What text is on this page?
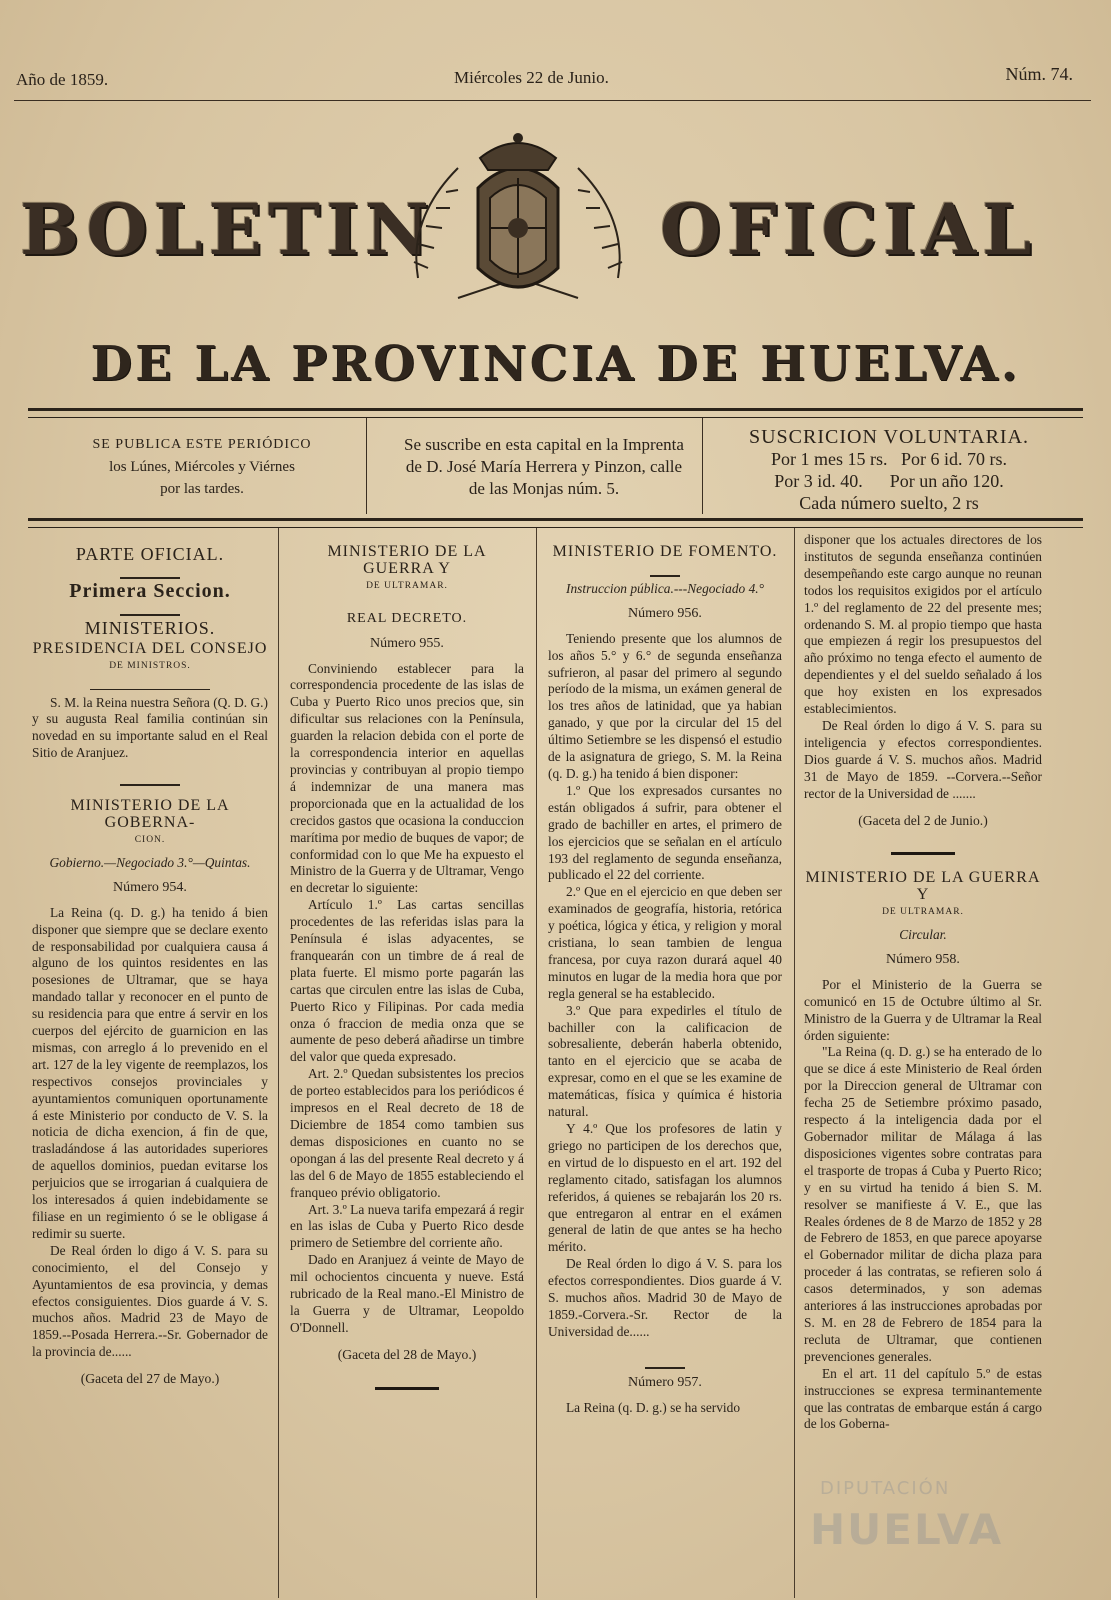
Año de 1859.	Miércoles 22 de Junio.	Núm. 74.
BOLETIN	OFICIAL
DE LA PROVINCIA DE HUELVA.
SE PUBLICA ESTE PERIÓDICO
los Lúnes, Miércoles y Viérnes
por las tardes.
Se suscribe en esta capital en la Imprenta
de D. José María Herrera y Pinzon, calle
de las Monjas núm. 5.
SUSCRICION VOLUNTARIA.
Por 1 mes 15 rs.   Por 6 id. 70 rs.
Por 3 id. 40.      Por un año 120.
Cada número suelto, 2 rs
PARTE OFICIAL.
Primera Seccion.
MINISTERIOS.
PRESIDENCIA DEL CONSEJO
DE MINISTROS.

S. M. la Reina nuestra Señora (Q. D. G.) y su augusta Real familia continúan sin novedad en su importante salud en el Real Sitio de Aranjuez.

MINISTERIO DE LA GOBERNA-
CION.
Gobierno.—Negociado 3.°—Quintas.
Número 954.

La Reina (q. D. g.) ha tenido á bien disponer que siempre que se declare exento de responsabilidad por cualquiera causa á alguno de los quintos residentes en las posesiones de Ultramar, que se haya mandado tallar y reconocer en el punto de su residencia para que entre á servir en los cuerpos del ejército de guarnicion en las mismas, con arreglo á lo prevenido en el art. 127 de la ley vigente de reemplazos, los respectivos consejos provinciales y ayuntamientos comuniquen oportunamente á este Ministerio por conducto de V. S. la noticia de dicha exencion, á fin de que, trasladándose á las autoridades superiores de aquellos dominios, puedan evitarse los perjuicios que se irrogarian á cualquiera de los interesados á quien indebidamente se filiase en un regimiento ó se le obligase á redimir su suerte.

De Real órden lo digo á V. S. para su conocimiento, el del Consejo y Ayuntamientos de esa provincia, y demas efectos consiguientes. Dios guarde á V. S. muchos años. Madrid 23 de Mayo de 1859.--Posada Herrera.--Sr. Gobernador de la provincia de......

(Gaceta del 27 de Mayo.)
MINISTERIO DE LA GUERRA Y
DE ULTRAMAR.
REAL DECRETO.
Número 955.

Conviniendo establecer para la correspondencia procedente de las islas de Cuba y Puerto Rico unos precios que, sin dificultar sus relaciones con la Península, guarden la relacion debida con el porte de la correspondencia interior en aquellas provincias y contribuyan al propio tiempo á indemnizar de una manera mas proporcionada que en la actualidad de los crecidos gastos que ocasiona la conduccion marítima por medio de buques de vapor; de conformidad con lo que Me ha expuesto el Ministro de la Guerra y de Ultramar, Vengo en decretar lo siguiente:

Artículo 1.º Las cartas sencillas procedentes de las referidas islas para la Península é islas adyacentes, se franquearán con un timbre de á real de plata fuerte. El mismo porte pagarán las cartas que circulen entre las islas de Cuba, Puerto Rico y Filipinas. Por cada media onza ó fraccion de media onza que se aumente de peso deberá añadirse un timbre del valor que queda expresado.

Art. 2.º Quedan subsistentes los precios de porteo establecidos para los periódicos é impresos en el Real decreto de 18 de Diciembre de 1854 como tambien sus demas disposiciones en cuanto no se opongan á las del presente Real decreto y á las del 6 de Mayo de 1855 estableciendo el franqueo prévio obligatorio.

Art. 3.º La nueva tarifa empezará á regir en las islas de Cuba y Puerto Rico desde primero de Setiembre del corriente año.

Dado en Aranjuez á veinte de Mayo de mil ochocientos cincuenta y nueve. Está rubricado de la Real mano.-El Ministro de la Guerra y de Ultramar, Leopoldo O'Donnell.

(Gaceta del 28 de Mayo.)
MINISTERIO DE FOMENTO.
Instruccion pública.---Negociado 4.°
Número 956.

Teniendo presente que los alumnos de los años 5.° y 6.° de segunda enseñanza sufrieron, al pasar del primero al segundo período de la misma, un exámen general de los tres años de latinidad, que ya habian ganado, y que por la circular del 15 del último Setiembre se les dispensó el estudio de la asignatura de griego, S. M. la Reina (q. D. g.) ha tenido á bien disponer:

1.º Que los expresados cursantes no están obligados á sufrir, para obtener el grado de bachiller en artes, el primero de los ejercicios que se señalan en el artículo 193 del reglamento de segunda enseñanza, publicado el 22 del corriente.

2.º Que en el ejercicio en que deben ser examinados de geografía, historia, retórica y poética, lógica y ética, y religion y moral cristiana, lo sean tambien de lengua francesa, por cuya razon durará aquel 40 minutos en lugar de la media hora que por regla general se ha establecido.

3.º Que para expedirles el título de bachiller con la calificacion de sobresaliente, deberán haberla obtenido, tanto en el ejercicio que se acaba de expresar, como en el que se les examine de matemáticas, física y química é historia natural.

Y 4.º Que los profesores de latin y griego no participen de los derechos que, en virtud de lo dispuesto en el art. 192 del reglamento citado, satisfagan los alumnos referidos, á quienes se rebajarán los 20 rs. que entregaron al entrar en el exámen general de latin de que antes se ha hecho mérito.

De Real órden lo digo á V. S. para los efectos correspondientes. Dios guarde á V. S. muchos años. Madrid 30 de Mayo de 1859.-Corvera.-Sr. Rector de la Universidad de......

Número 957.

La Reina (q. D. g.) se ha servido

disponer que los actuales directores de los institutos de segunda enseñanza continúen desempeñando este cargo aunque no reunan todos los requisitos exigidos por el artículo 1.º del reglamento de 22 del presente mes; ordenando S. M. al propio tiempo que hasta que empiezen á regir los presupuestos del año próximo no tenga efecto el aumento de dependientes y el del sueldo señalado á los que hoy existen en los expresados establecimientos.

De Real órden lo digo á V. S. para su inteligencia y efectos correspondientes. Dios guarde á V. S. muchos años. Madrid 31 de Mayo de 1859. --Corvera.--Señor rector de la Universidad de .......

(Gaceta del 2 de Junio.)
MINISTERIO DE LA GUERRA Y
DE ULTRAMAR.
Circular.
Número 958.

Por el Ministerio de la Guerra se comunicó en 15 de Octubre último al Sr. Ministro de la Guerra y de Ultramar la Real órden siguiente:

"La Reina (q. D. g.) se ha enterado de lo que se dice á este Ministerio de Real órden por la Direccion general de Ultramar con fecha 25 de Setiembre próximo pasado, respecto á la inteligencia dada por el Gobernador militar de Málaga á las disposiciones vigentes sobre contratas para el trasporte de tropas á Cuba y Puerto Rico; y en su virtud ha tenido á bien S. M. resolver se manifieste á V. E., que las Reales órdenes de 8 de Marzo de 1852 y 28 de Febrero de 1853, en que parece apoyarse el Gobernador militar de dicha plaza para proceder á las contratas, se refieren solo á casos determinados, y son ademas anteriores á las instrucciones aprobadas por S. M. en 28 de Febrero de 1854 para la recluta de Ultramar, que contienen prevenciones generales.

En el art. 11 del capítulo 5.º de estas instrucciones se expresa terminantemente que las contratas de embarque están á cargo de los Goberna-

DIPUTACIÓN
HUELVA
